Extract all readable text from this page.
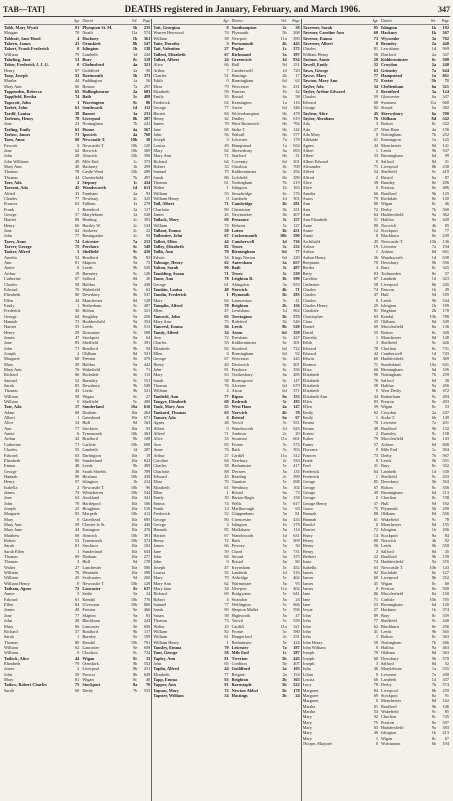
TAB—TAT]	DEATHS registered in January, February, and March 1906.	347
Age District	Vol.	Page
Tabb, Mary Wyatt	81 Plympton St. M.	5b	235
Morgan	70 Neath	11a	574
Tabbutt, Jane Hood	4 Hackney	1b	361
Tabern, James	43 Ormskirk	8b	547
Tabert, Frank Frederick	0 Islington	1b	138
William	79 Lambeth	1d	244
Tabeling, Jane	51 Bury	8c	318
Tabor, Frederick J. J. G.	0 Chelmsford	4a	321
Henry	67 Guildford	2a	96
Tarp, Joseph	52 Dartmouth	5b	373
Martha	44 Paddington	1a	56
Mary Ann	60 Boston	7a	297
Tappenden, Rebecca	65 Hollingbourne	2a	683
Tappfield, Bertha	74 Bath	5c	488
Tapscott, John	1 Warrington	8c	86
Tarbet, John	61 Southwark	1d	112
Tardif, Louisa	38 Barnet	3a	231
Tarleton, Henry	78 Liverpool	8b	207
Jane	23 Nottingham	7b	241
Tarling, Emily	61 Hoxne	4a	567
Tarlow, James	71 Ipswich	4a	760
Tarn, Anne	60 Newcastle T.	10b	30
Fawcett	0 Newcastle T.	10b	120
Jane	62 Berwick	10b	309
John	28 Alnwick	10b	396
John Williams	49 Mile End	1c	375
Mary Ann	40 Hackney	1b	299
Thomas	78 Castle Ward	10b	289
Thomas	44 Chesterfield	7b	497
Tarr, Ada	2 Stepney	1c	434
Tarrant, Ada	45 Wandsworth	1d	613
Alfred	33 Farnham	2a	93
Charles	77 Newbury	2c	325
Frances	63 Fulham	1a	278
Frank	1 Brentford	3a	117
George	57 Marylebone	1a	528
Harriet	86 Reading	2c	392
Henry	66 Hartley W.	2c	134
Jane	62 Andover	2c	22
John	77 Basingstoke	2c	94
Tarry, Anne	74 Leicester	7a	213
Tarver, George	75 Pershore	6c	349
Tasker, Alfred	3 Sheffield	9c	410
Amelia	52 Bradford	9b	83
Ann	81 Skipton	9a	75
Annie	0 Leeds	9b	520
Arthur	19 Barnsley	9c	126
Catherine	67 Salford	8d	20
Charles	58 Halifax	9a	438
Edward	70 Wakefield	9c	62
Elizabeth	80 Dewsbury	9b	537
Ellen	44 Manchester	8d	128
Emily	1 Rotherham	9c	487
Frederick	36 Bolton	8c	331
George	64 Keighley	9a	256
Hannah	73 Huddersfield	9a	354
Harriet	55 Leeds	9b	513
Henry	29 Doncaster	9c	588
James	47 Stockport	8a	64
Jane	83 Sheffield	9c	391
John	71 Bradford	9b	94
Joseph	2 Oldham	8d	531
Margaret	60 Preston	8e	479
Mary	39 Halifax	9a	442
Mary Ann	76 Wakefield	9c	71
Richard	66 Rochdale	8e	113
Samuel	52 Barnsley	9c	151
Sarah	85 Dewsbury	9b	549
Thomas	43 Leeds	9b	531
William	58 Wigan	8c	27
William	0 Sheffield	9c	400
Tate, Ada	17 Sunderland	10a	616
Adam	68 Durham	10a	264
Albert	1 Gateshead	10a	671
Alice	34 Hull	9d	163
Ann	77 Stockton	10a	93
Annie	6 Tynemouth	10b	363
Arthur	42 Bradford	9b	108
Catherine	71 Carlisle	10b	698
Charles	55 Lambeth	1d	287
Edward	63 Darlington	10a	19
Elizabeth	80 Sunderland	10a	622
Emma	48 Leeds	9b	499
George	36 South Shields	10a	789
Hannah	90 Hexham	10b	439
Henry	57 Islington	1b	214
Isabella	2 Newcastle T.	10b	96
James	74 Whitehaven	10b	544
Jane	64 Auckland	10a	341
John	70 Hartlepool	10a	166
Joseph	25 Houghton	10a	510
Margaret	83 Morpeth	10b	412
Mary	0 Gateshead	10a	695
Mary Ann	59 Chester le St.	10a	440
Mary Jane	44 Easington	10a	476
Matthew	68 Alnwick	10b	391
Robert	53 Tynemouth	10b	372
Sarah	81 Stockton	10a	102
Sarah Ellen	1 Sunderland	10a	634
Thomas	69 Durham	10a	277
Thomas	3 Hull	9d	178
Walter	27 Lanchester	10a	586
William	76 Weardale	10a	398
William	45 Sculcoates	9d	260
William Henry	0 Newcastle T.	10b	129
Tatham, Agnes	72 Lancaster	8e	637
Annie	5 Settle	9a	24
Edward	61 Kendal	10b	776
Ellen	84 Ulverston	10b	860
James	49 Preston	8e	466
Jane	77 Skipton	9a	83
John	38 Blackburn	8e	242
Mary	66 Lancaster	8e	650
Richard	57 Bradford	9b	117
Sarah	1 Burnley	8e	199
Thomas	80 Kendal	10b	781
William	62 Lancaster	8e	658
William	0 Chorlton	8c	724
Tatlock, Alice	44 Wigan	8c	33
Elizabeth	70 Ormskirk	8b	552
James	2 Liverpool	8b	231
John	59 Prescot	8b	649
Mary	81 Wigan	8c	40
Tatlow, Robert Charles	75 Stockport	8a	70
Sarah	68 Derby	7b	553
Age District	Vol.	Page
Tait, Georgina	0 Southampton	2c	38
Warren Heywood	74 Plymouth	5b	268
William	58 Newport	11a	390
Taite, Dorothy	3 Portsmouth	2b	443
Tait, Valentine	27 Poplar	1c	575
Tallent, Elizabeth	67 Richmond	3a	397
Talbot, Albert	24 Greenwich	1d	834
Alice	66 Hull	9d	151
Arthur	7 Camberwell	1d	720
Charles	51 Hastings	2b	17
Edith	0 Birmingham	6d	62
Eliza	79 Worcester	6c	231
Elizabeth	59 Pancras	1b	42
Emily	35 Bristol	6a	58
Frederick	62 Kensington	1a	116
George	77 Aston	6d	346
Harriet	84 Wolverhampton	6b	478
Henry	42 Dudley	6b	619
James	70 West Bromwich	6b	762
Jane	68 Stoke T.	6b	142
John	56 Walsall	6b	577
Joseph	3 Leicester	7a	178
Louisa	49 Hampstead	1a	654
Mary	82 Shrewsbury	6a	693
Mary Ann	71 Stafford	6b	31
Richard	64 Coventry	6d	501
Robert	33 Chorlton	8c	708
Samuel	75 Kidderminster	6c	292
Sarah	86 Lichfield	6b	389
Thomas	61 Nottingham	7b	219
Walter	1 Islington	1b	163
William	53 Stourbridge	6c	176
William Henry	0 Lambeth	1d	301
Tall, Albert	71 Cambridge	3b	281
Charlotte	80 Chesterton	3b	331
James	45 Newmarket	3b	407
Tallack, Mary	69 Penzance	5c	157
William	74 Helston	5c	127
Tallant, Emma	58 Luton	3b	451
Tallentire, John	67 Cockermouth	10b	590
Tallett, Ellen	44 Camberwell	1d	736
Talley, Elizabeth	82 Truro	5c	232
Tallis, Ann	79 Birmingham	6d	77
Edwin	54 Kings Norton	6d	220
Talmage, Henry	62 Amersham	3a	657
Talton, Sarah	90 Bath	5c	497
Tambling, Susan	71 Truro	5c	239
Tame, Ann	78 Leighton B.	3b	599
George	61 Abingdon	3a	833
Tamkin, Louisa	48 Norwich	4b	71
Tamlin, Frederick	1 Plymouth	5b	283
Mary	84 Launceston	5c	41
Tamplin, Alfred	70 Brighton	2b	156
Ellen	47 Lewisham	1d	962
Tancock, John	65 Torrington	5b	573
Mary Ann	73 Bideford	5b	546
Tancred, Emma	56 Leeds	9b	528
Tandy, Alfred	34 Aston	6d	358
Ann	72 Evesham	6c	427
Charles	55 Kidderminster	6c	301
Elizabeth	82 Stratford	6d	722
Ellen	0 Birmingham	6d	92
George	67 Worcester	6c	245
Henry	40 Droitwich	6c	201
John	81 Pershore	6c	356
Mary	63 Tewkesbury	6a	285
Sarah	58 Bromsgrove	6c	147
Thomas	76 Alcester	6d	679
William	2 Aston	6d	371
Tanfield, Ann	77 Ripon	9a	153
Tangye, Elizabeth	69 Redruth	5c	195
Tank, Mary Ann	55 West Ham	4a	147
Tankard, Thomas	63 Norwich	4b	78
Tanner, Ada	6 Bristol	6a	67
Agnes	48 Yeovil	5c	551
Albert	0 Wandsworth	1d	625
Alfred	71 Andover	2c	29
Alice	33 Swansea	11a	661
Ann	83 Frome	5c	573
Anne	76 Bath	5c	503
Arthur	27 Cardiff	11a	312
Caroline	64 Newbury	2c	333
Charles	58 Bedminster	5c	417
Charlotte	88 Devizes	5a	135
Edward	45 Reading	2c	399
Eliza	70 Taunton	5c	698
Elizabeth	61 Westbury	5a	102
Ellen	1 Bristol	6a	73
Emily	39 Barton Regis	6a	158
Emma	74 Wells	5c	617
Frank	13 Marlborough	5a	63
Frederick	52 Chippenham	5a	81
George	80 Cirencester	6a	433
George	3 Islington	1b	178
Hannah	85 Melksham	5a	114
Harriet	67 Wandsworth	1d	631
Henry	72 Bath	5c	509
James	66 Pewsey	5a	39
Jane	59 Chard	5c	731
John	84 Stroud	6a	375
John	0 Bristol	6a	80
Joseph	47 Keynsham	5c	452
Louisa	55 Lambeth	1d	316
Mary	79 Axbridge	5c	462
Mary Ann	62 Warminster	5a	93
Mary Jane	34 Newport	11a	402
Richard	69 Bridgwater	5c	641
Robert	4 Swindon	5a	24
Samuel	77 Wellington	5c	666
Sarah	90 Shepton Mallet	5c	596
Susan	58 Highworth	5a	47
Thomas	73 Yeovil	5c	558
Walter	25 Cardiff	11a	321
William	82 Frome	5c	580
William	61 Hungerford	2c	251
William Henry	1 Bedminster	5c	424
Tansley, Emma	70 Leicester	7a	187
Tant, George	58 Mile End	1c	387
Tapley, Ann	81 Tiverton	5b	445
John	65 Crediton	5b	407
Taplin, Alfred	44 Guildford	2a	103
Elizabeth	77 Reigate	2a	154
Tapp, Emma	63 Brighton	2b	163
Tapper, Ann	81 Barnstaple	5b	522
Tapson, Mary	72 Newton Abbot	5b	178
Tapster, William	54 Hastings	2b	24
Age District	Vol.	Page
Taverner, Sarah	85 Islington	1b	192
Tavener, Caroline Ann	60 Hackney	1b	367
Taverne, Emma	73 Wycombe	3a	702
Taverner, Albert	0 Bromley	2a	448
Charles	81 Lewisham	1d	969
William Henry	56 Dartford	2a	347
Tavinor, Annie	20 Kidderminster	6c	308
Tawell, Emily	52 Croydon	2a	240
Tawn, George	63 Grimsby	7a	644
Tawse, Mary	77 Hampstead	1a	661
Tawton, Mary Ann	71 Exeter	5b	71
Tayler, Ada	34 Cheltenham	6a	321
Tayler, Arthur Edward	1 Brentford	3a	124
Charles	59 Gloucester	6a	347
Edward	68 Swansea	11a	668
George	82 Stroud	6a	382
Tayleur, Alice	45 Shrewsbury	6a	700
Taylor, Abraham	76 Oldham	8d	542
Ada	3 Bolton	8c	342
Ada	27 West Ham	4a	156
Ada Mary	0 Nottingham	7b	252
Adelaide	61 Kensington	1a	125
Agnes	44 Manchester	8d	141
Albert	1 Leeds	9b	537
Albert	33 Birmingham	6d	99
Albert Edward	0 Salford	8d	31
Alexander	71 Liverpool	8b	238
Alfred	54 Sheffield	9c	419
Alfred	2 Bristol	6a	87
Alice	38 Burnley	8e	206
Alice	0 Preston	8e	486
Amelia	66 Bradford	9b	125
Amos	79 Rochdale	8e	120
Ann	88 Wigan	8c	46
Ann	72 Derby	7b	560
Ann	64 Huddersfield	9a	362
Ann Elizabeth	51 Halifax	9a	449
Anne	80 Norwich	4b	85
Annie	12 Stockport	8a	77
Annie	0 Blackburn	8e	249
Archibald	45 Newcastle T.	10b	136
Arthur	19 Leicester	7a	194
Arthur	1 Ashton	8d	601
Arthur Henry	36 Wandsworth	1d	638
Benjamin	70 Dewsbury	9b	556
Bertha	4 Bury	8c	325
Betty	83 Todmorden	8e	57
Caroline	67 Lambeth	1d	323
Catherine	58 Liverpool	8b	245
Charles	74 Pancras	1b	49
Charles	47 Hull	9d	185
Charles	0 Leeds	9b	544
Charles Henry	29 Islington	1b	199
Charlotte	81 Brighton	2b	170
Christopher	63 Kendal	10b	788
Clara	35 Oldham	8d	549
Daniel	69 Macclesfield	8a	136
David	55 Bolton	8c	349
Dorothy	1 Manchester	8d	148
Edith	3 Sheffield	9c	426
Edward	78 Chorlton	8c	731
Edward	42 Camberwell	1d	743
Edwin	60 Huddersfield	9a	369
Eleanor	71 Sunderland	10a	641
Eliza	66 Birmingham	6d	106
Elizabeth	90 Nottingham	7b	259
Elizabeth	76 Salford	8d	38
Elizabeth	58 Halifax	9a	456
Elizabeth	0 West Derby	8b	372
Elizabeth Ann	44 Rotherham	9c	494
Ellen	83 Preston	8e	493
Ellen	39 Wigan	8c	53
Emily	62 Croydon	2a	247
Emily	1 Stoke T.	6b	149
Emma	70 Leicester	7a	201
Emma	48 Bradford	9b	132
Ernest	2 Barnsley	9c	158
Esther	79 Macclesfield	8a	143
Fanny	57 Ashton	8d	608
Florence	0 Mile End	1c	394
Frances	73 Derby	7b	567
Frank	8 Leeds	9b	551
Fred	31 Bury	8c	332
Frederick	64 Lambeth	1d	330
Frederick	1 Sheffield	9c	433
George	85 Dewsbury	9b	563
George	67 Bolton	8c	356
George	49 Birmingham	6d	113
George	0 Chorlton	8c	738
George Henry	37 Hull	9d	192
Grace	75 Plymouth	5b	290
Hannah	88 Oldham	8d	556
Hannah	61 Wakefield	9c	78
Harold	0 Manchester	8d	155
Harriet	72 Islington	1b	206
Harry	14 Stockport	8a	84
Henry	80 Norwich	4b	92
Henry	56 Leeds	9b	558
Henry	2 Salford	8d	45
Herbert	22 Bradford	9b	139
Isaac	74 Huddersfield	9a	376
Isabella	63 Newcastle T.	10b	143
James	82 Rochdale	8e	127
James	68 Liverpool	8b	252
James	45 Wigan	8c	60
James	0 Preston	8e	500
Jane	86 Macclesfield	8a	150
Jane	71 Carlisle	10b	705
Jane	53 Birmingham	6d	120
Jessie	27 Hackney	1b	374
John	89 Bury	8c	339
John	77 Sheffield	9c	440
John	62 Blackburn	8e	256
John	41 Leeds	9b	565
John	1 Bolton	8c	363
John Henry	58 Nottingham	7b	266
John William	0 Halifax	9a	463
Joseph	79 Oldham	8d	563
Joseph	60 Dewsbury	9b	570
Joseph	3 Salford	8d	52
Julia	46 Marylebone	1a	535
Lilian	0 Leicester	7a	208
Louisa	66 Lambeth	1d	337
Lucy	78 Derby	7b	574
Margaret	84 Liverpool	8b	259
Margaret	69 Stockport	8a	91
Margaret	0 Manchester	8d	162
Martha	81 Bradford	9b	146
Martha	54 Wakefield	9c	85
Mary	92 Chorlton	8c	745
Mary	75 Preston	8e	507
Mary	63 Huddersfield	9a	383
Mary	40 Islington	1b	213
Mary	1 Wigan	8c	67
Thorpe, Marjorie	0 Wolstanton	6b	194
